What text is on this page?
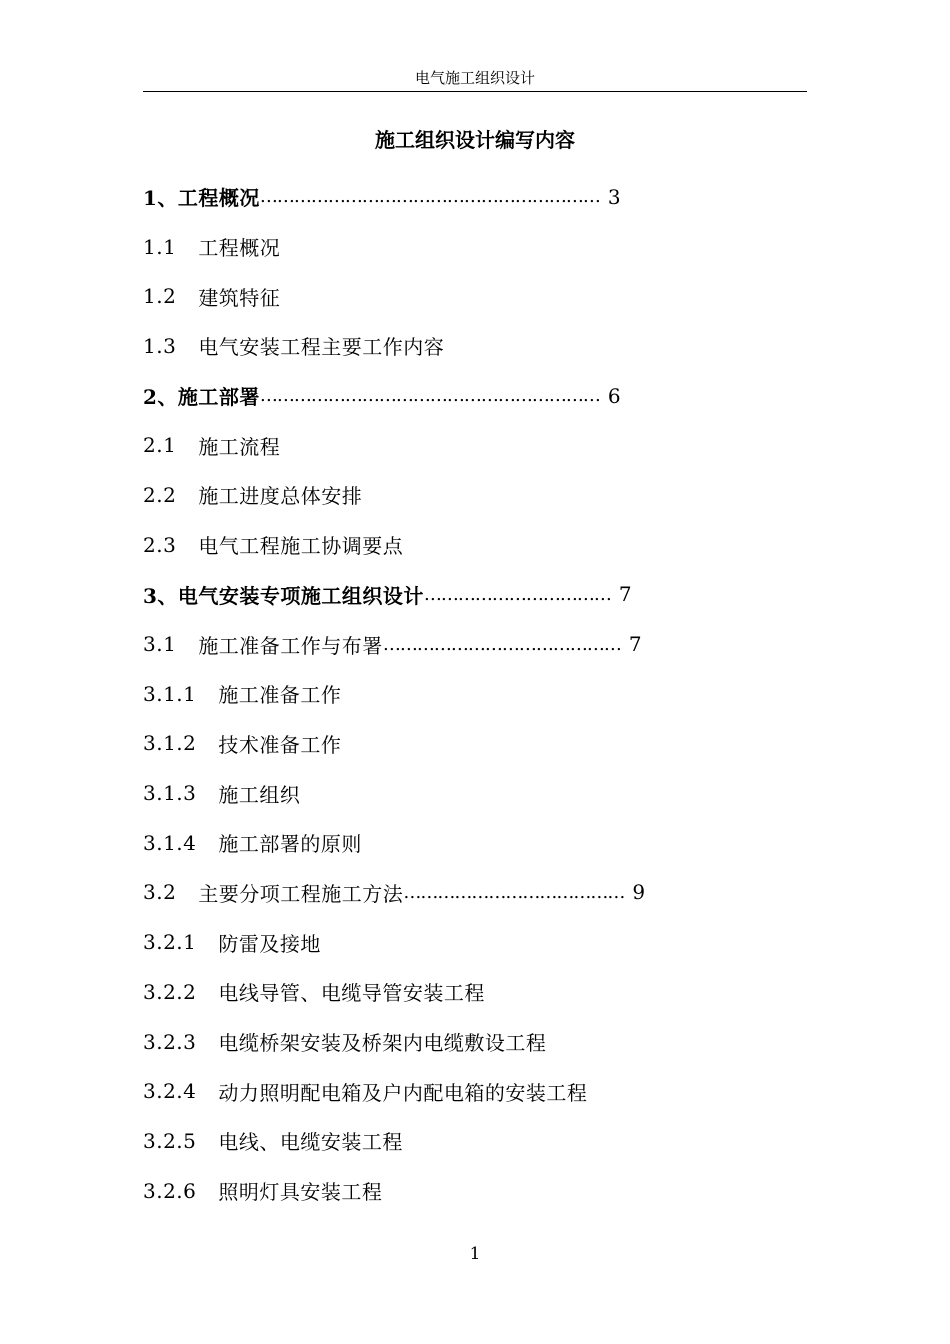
电气施工组织设计
施工组织设计编写内容
1、 工程概况 …………………………………………………… 3
1.1 工程概况
1.2 建筑特征
1.3 电气安装工程主要工作内容
2、 施工部署 …………………………………………………… 6
2.1 施工流程
2.2 施工进度总体安排
2.3 电气工程施工协调要点
3、 电气安装专项施工组织设计 …………………………… 7
3.1 施工准备工作与布署 …………………………………… 7
3.1.1 施工准备工作
3.1.2 技术准备工作
3.1.3 施工组织
3.1.4 施工部署的原则
3.2 主要分项工程施工方法 ………………………………… 9
3.2.1 防雷及接地
3.2.2 电线导管、电缆导管安装工程
3.2.3 电缆桥架安装及桥架内电缆敷设工程
3.2.4 动力照明配电箱及户内配电箱的安装工程
3.2.5 电线、电缆安装工程
3.2.6 照明灯具安装工程
1
